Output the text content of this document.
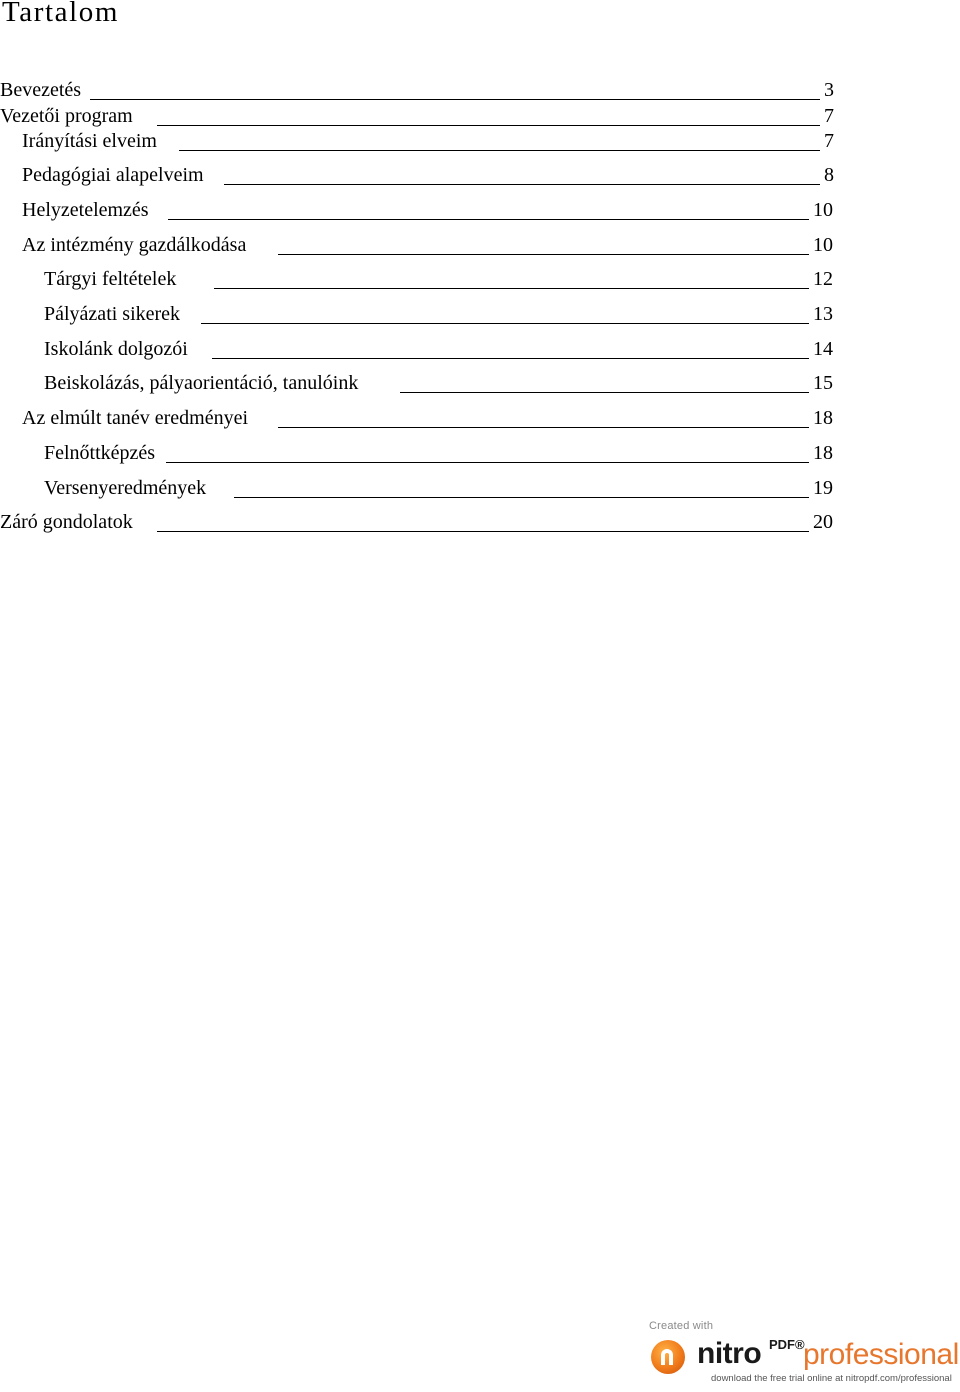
Tartalom
Bevezetés	3
Vezetői program	7
Irányítási elveim	7
Pedagógiai alapelveim	8
Helyzetelemzés	10
Az intézmény gazdálkodása	10
Tárgyi feltételek	12
Pályázati sikerek	13
Iskolánk dolgozói	14
Beiskolázás, pályaorientáció, tanulóink	15
Az elmúlt tanév eredményei	18
Felnőttképzés	18
Versenyeredmények	19
Záró gondolatok	20
Created with
nitro PDF®
professional
download the free trial online at nitropdf.com/professional
